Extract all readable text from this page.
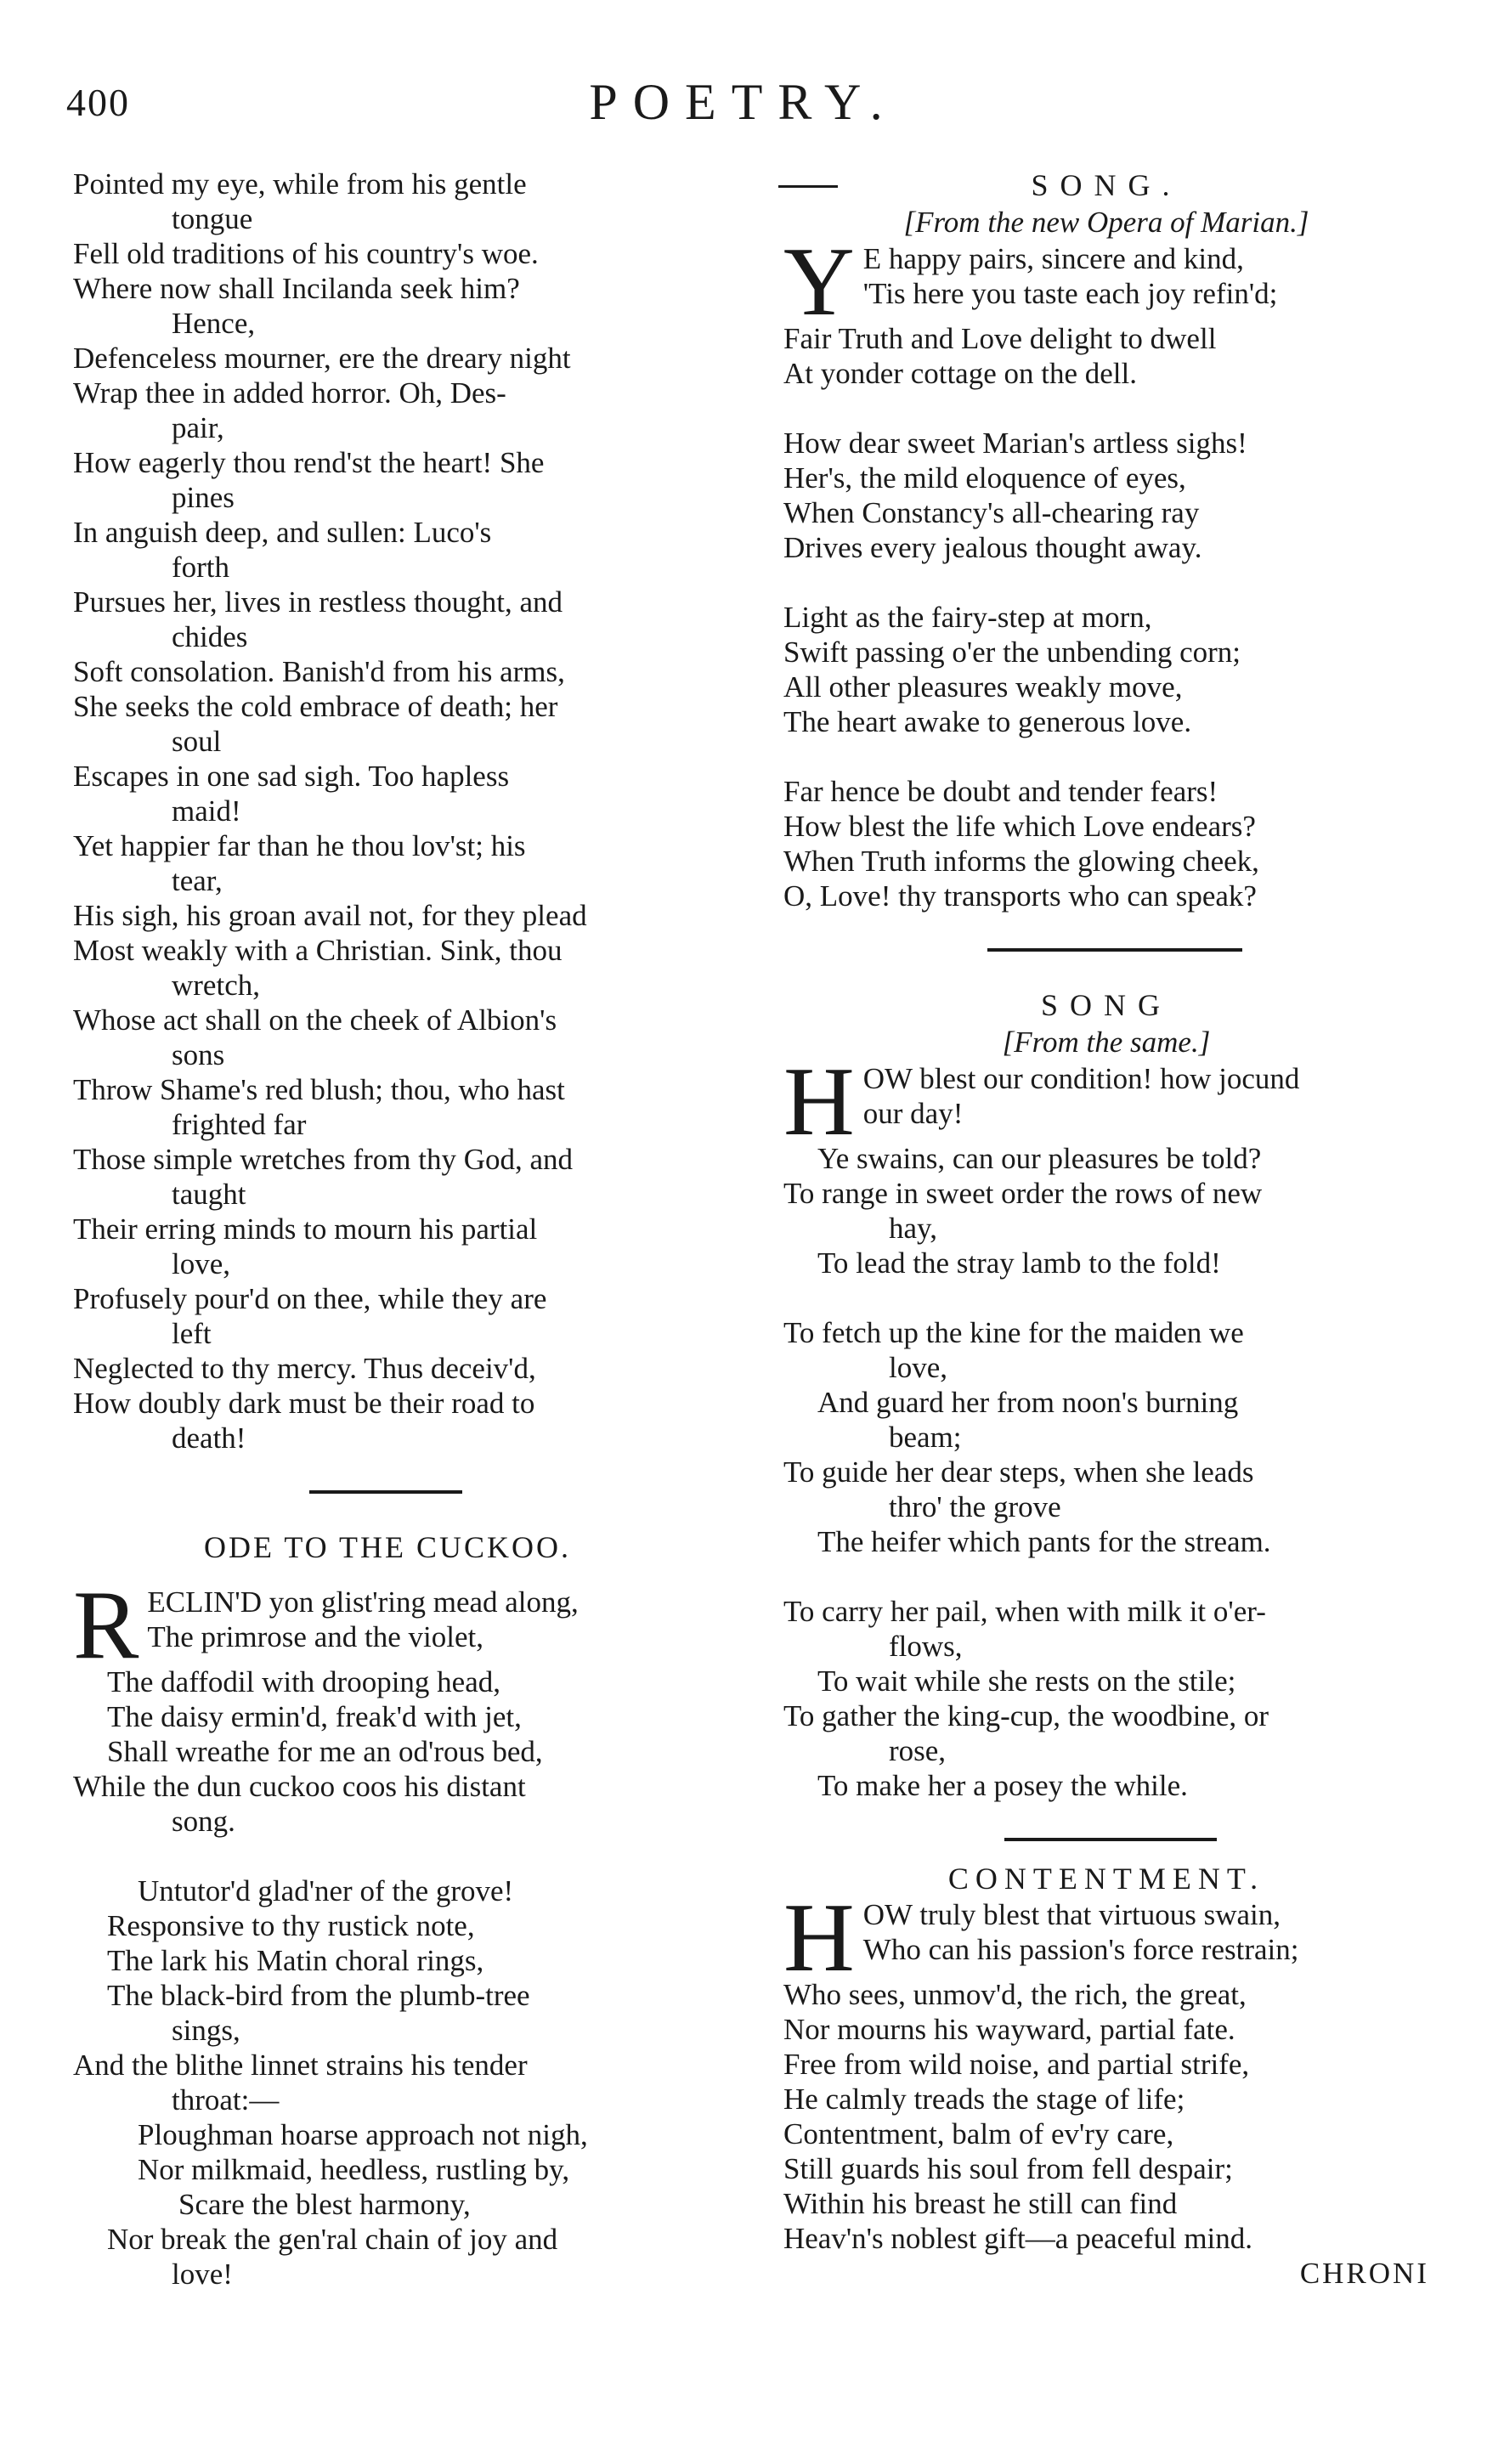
400	POETRY.
Pointed my eye, while from his gentle
tongue
Fell old traditions of his country's woe.
Where now shall Incilanda seek him?
Hence,
Defenceless mourner, ere the dreary night
Wrap thee in added horror. Oh, Des-
pair,
How eagerly thou rend'st the heart! She
pines
In anguish deep, and sullen: Luco's
forth
Pursues her, lives in restless thought, and
chides
Soft consolation. Banish'd from his arms,
She seeks the cold embrace of death; her
soul
Escapes in one sad sigh. Too hapless
maid!
Yet happier far than he thou lov'st; his
tear,
His sigh, his groan avail not, for they plead
Most weakly with a Christian. Sink, thou
wretch,
Whose act shall on the cheek of Albion's
sons
Throw Shame's red blush; thou, who hast
frighted far
Those simple wretches from thy God, and
taught
Their erring minds to mourn his partial
love,
Profusely pour'd on thee, while they are
left
Neglected to thy mercy. Thus deceiv'd,
How doubly dark must be their road to
death!
ODE TO THE CUCKOO.
R ECLIN'D yon glist'ring mead along,
The primrose and the violet,
The daffodil with drooping head,
The daisy ermin'd, freak'd with jet,
Shall wreathe for me an od'rous bed,
While the dun cuckoo coos his distant
song.
Untutor'd glad'ner of the grove!
Responsive to thy rustick note,
The lark his Matin choral rings,
The black-bird from the plumb-tree
sings,
And the blithe linnet strains his tender
throat:—
Ploughman hoarse approach not nigh,
Nor milkmaid, heedless, rustling by,
Scare the blest harmony,
Nor break the gen'ral chain of joy and
love!
SONG.
[From the new Opera of Marian.]
Y E happy pairs, sincere and kind,
'Tis here you taste each joy refin'd;
Fair Truth and Love delight to dwell
At yonder cottage on the dell.
How dear sweet Marian's artless sighs!
Her's, the mild eloquence of eyes,
When Constancy's all-chearing ray
Drives every jealous thought away.
Light as the fairy-step at morn,
Swift passing o'er the unbending corn;
All other pleasures weakly move,
The heart awake to generous love.
Far hence be doubt and tender fears!
How blest the life which Love endears?
When Truth informs the glowing cheek,
O, Love! thy transports who can speak?
SONG
[From the same.]
H OW blest our condition! how jocund
our day!
Ye swains, can our pleasures be told?
To range in sweet order the rows of new
hay,
To lead the stray lamb to the fold!
To fetch up the kine for the maiden we
love,
And guard her from noon's burning
beam;
To guide her dear steps, when she leads
thro' the grove
The heifer which pants for the stream.
To carry her pail, when with milk it o'er-
flows,
To wait while she rests on the stile;
To gather the king-cup, the woodbine, or
rose,
To make her a posey the while.
CONTENTMENT.
H OW truly blest that virtuous swain,
Who can his passion's force restrain;
Who sees, unmov'd, the rich, the great,
Nor mourns his wayward, partial fate.
Free from wild noise, and partial strife,
He calmly treads the stage of life;
Contentment, balm of ev'ry care,
Still guards his soul from fell despair;
Within his breast he still can find
Heav'n's noblest gift—a peaceful mind.
CHRONI
